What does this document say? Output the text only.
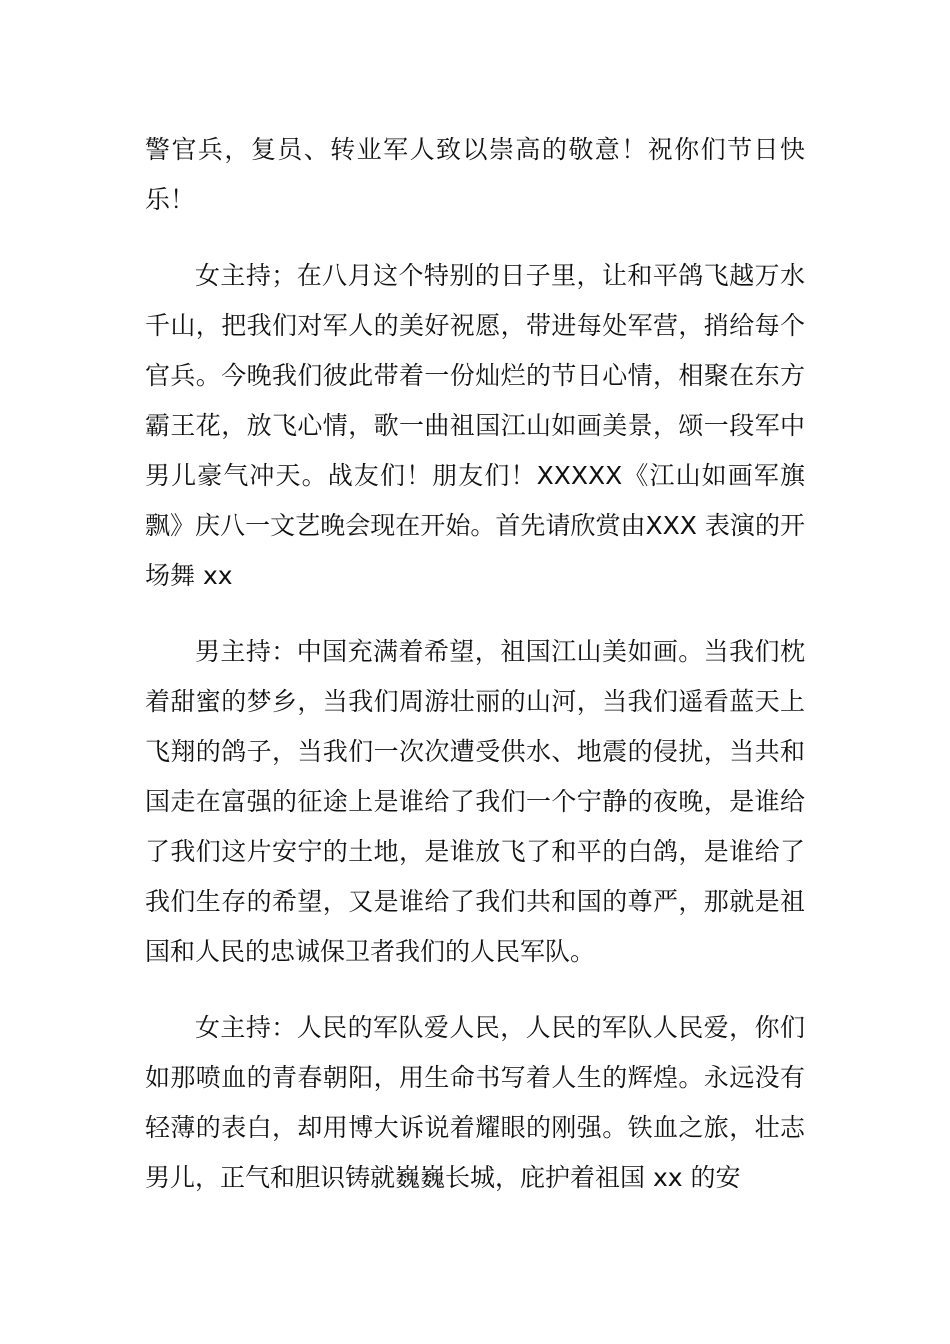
警官兵，复员、转业军人致以崇高的敬意！祝你们节日快乐！

女主持；在八月这个特别的日子里，让和平鸽飞越万水千山，把我们对军人的美好祝愿，带进每处军营，捎给每个官兵。今晚我们彼此带着一份灿烂的节日心情，相聚在东方霸王花，放飞心情，歌一曲祖国江山如画美景，颂一段军中男儿豪气冲天。战友们！朋友们！XXXXX《江山如画军旗飘》庆八一文艺晚会现在开始。首先请欣赏由XXX 表演的开场舞 xx

男主持：中国充满着希望，祖国江山美如画。当我们枕着甜蜜的梦乡，当我们周游壮丽的山河，当我们遥看蓝天上飞翔的鸽子，当我们一次次遭受供水、地震的侵扰，当共和国走在富强的征途上是谁给了我们一个宁静的夜晚，是谁给了我们这片安宁的土地，是谁放飞了和平的白鸽，是谁给了我们生存的希望，又是谁给了我们共和国的尊严，那就是祖国和人民的忠诚保卫者我们的人民军队。

女主持：人民的军队爱人民，人民的军队人民爱，你们如那喷血的青春朝阳，用生命书写着人生的辉煌。永远没有轻薄的表白，却用博大诉说着耀眼的刚强。铁血之旅，壮志男儿，正气和胆识铸就巍巍长城，庇护着祖国 xx 的安
